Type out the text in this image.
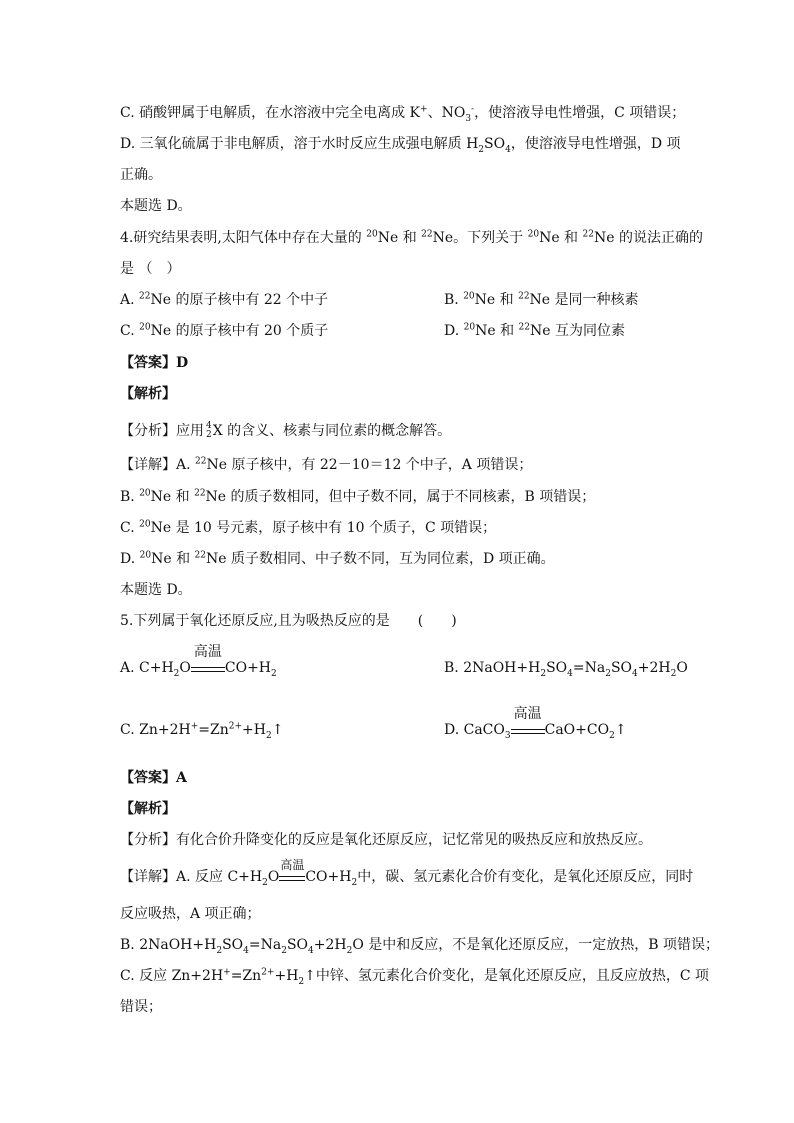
C. 硝酸钾属于电解质，在水溶液中完全电离成 K+、$NO_3^-$，使溶液导电性增强，C 项错误；
D. 三氧化硫属于非电解质，溶于水时反应生成强电解质 $H_2SO_4$，使溶液导电性增强，D 项
正确。
本题选 D。
4.研究结果表明,太阳气体中存在大量的 $^{20}$Ne 和 $^{22}$Ne。下列关于 $^{20}$Ne 和 $^{22}$Ne 的说法正确的
是 （　）
A. $^{22}$Ne 的原子核中有 22 个中子	B. $^{20}$Ne 和 $^{22}$Ne 是同一种核素
C. $^{20}$Ne 的原子核中有 20 个质子	D. $^{20}$Ne 和 $^{22}$Ne 互为同位素
【答案】D
【解析】
【分析】应用 4
2 X 的含义、核素与同位素的概念解答。
【详解】A. $^{22}$Ne 原子核中，有 22－10＝12 个中子，A 项错误；
B. $^{20}$Ne 和 $^{22}$Ne 的质子数相同，但中子数不同，属于不同核素，B 项错误；
C. $^{20}$Ne 是 10 号元素，原子核中有 10 个质子，C 项错误；
D. $^{20}$Ne 和 $^{22}$Ne 质子数相同、中子数不同，互为同位素，D 项正确。
本题选 D。
5.下列属于氧化还原反应,且为吸热反应的是　　(　　)
A. $C+H_2O$
高温
$CO+H_2$	B. $2NaOH+H_2SO_4=Na_2SO_4+2H_2O$
C. $Zn+2H^+=Zn^{2+}+H_2↑$	D. CaCO$_3$
高温
$CaO+CO_2↑$
【答案】A
【解析】
【分析】有化合价升降变化的反应是氧化还原反应，记忆常见的吸热反应和放热反应。
【详解】A. 反应 $C+H_2O$
高温
$CO+H_2$中，碳、氢元素化合价有变化，是氧化还原反应，同时
反应吸热，A 项正确；
B. $2NaOH+H_2SO_4=Na_2SO_4+2H_2O$ 是中和反应，不是氧化还原反应，一定放热，B 项错误；
C. 反应 $Zn+2H^+=Zn^{2+}+H_2↑$中锌、氢元素化合价变化，是氧化还原反应，且反应放热，C 项
错误；
